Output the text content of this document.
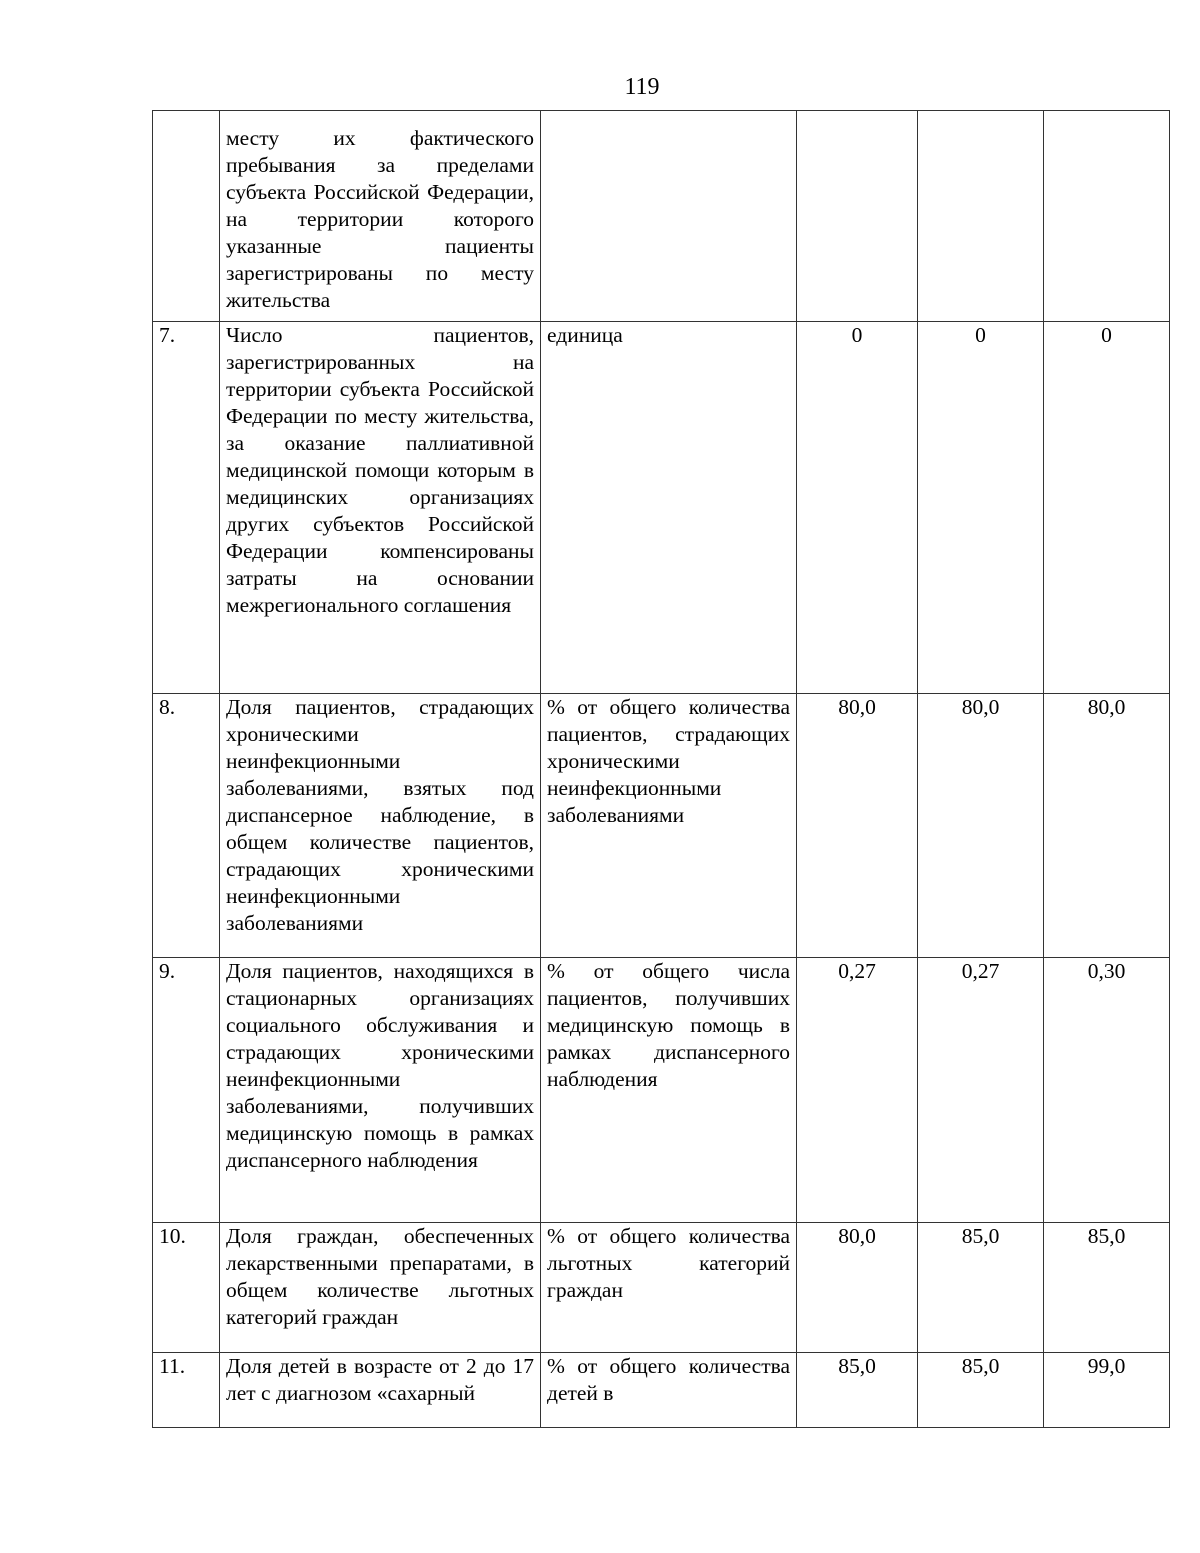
119
	месту их фактического пребывания за пределами субъекта Российской Федерации, на территории которого указанные пациенты зарегистрированы по месту жительства				
7.	Число пациентов, зарегистрированных на территории субъекта Российской Федерации по месту жительства, за оказание паллиативной медицинской помощи которым в медицинских организациях других субъектов Российской Федерации компенсированы затраты на основании межрегионального соглашения	единица	0	0	0
8.	Доля пациентов, страдающих хроническими неинфекционными заболеваниями, взятых под диспансерное наблюдение, в общем количестве пациентов, страдающих хроническими неинфекционными заболеваниями	% от общего количества пациентов, страдающих хроническими неинфекционными заболеваниями	80,0	80,0	80,0
9.	Доля пациентов, находящихся в стационарных организациях социального обслуживания и страдающих хроническими неинфекционными заболеваниями, получивших медицинскую помощь в рамках диспансерного наблюдения	% от общего числа пациентов, получивших медицинскую помощь в рамках диспансерного наблюдения	0,27	0,27	0,30
10.	Доля граждан, обеспеченных лекарственными препаратами, в общем количестве льготных категорий граждан	% от общего количества льготных категорий граждан	80,0	85,0	85,0
11.	Доля детей в возрасте от 2 до 17 лет с диагнозом «сахарный	% от общего количества детей в	85,0	85,0	99,0
